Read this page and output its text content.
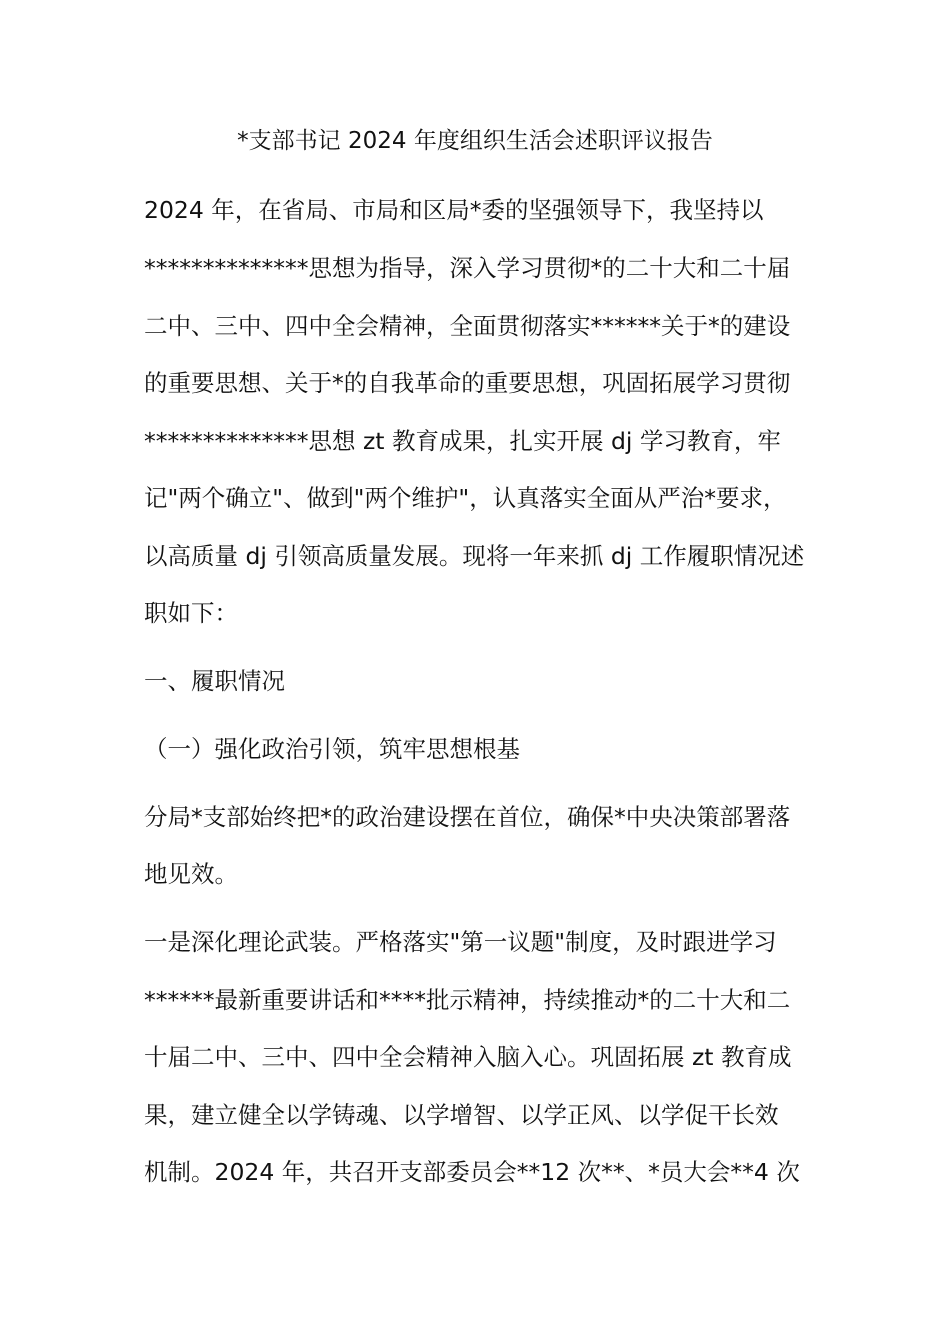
*支部书记 2024 年度组织生活会述职评议报告
2024 年，在省局、市局和区局*委的坚强领导下，我坚持以
**************思想为指导，深入学习贯彻*的二十大和二十届
二中、三中、四中全会精神，全面贯彻落实******关于*的建设
的重要思想、关于*的自我革命的重要思想，巩固拓展学习贯彻
**************思想 zt 教育成果，扎实开展 dj 学习教育，牢
记"两个确立"、做到"两个维护"，认真落实全面从严治*要求，
以高质量 dj 引领高质量发展。现将一年来抓 dj 工作履职情况述
职如下：
一、履职情况
（一）强化政治引领，筑牢思想根基
分局*支部始终把*的政治建设摆在首位，确保*中央决策部署落
地见效。
一是深化理论武装。严格落实"第一议题"制度，及时跟进学习
******最新重要讲话和****批示精神，持续推动*的二十大和二
十届二中、三中、四中全会精神入脑入心。巩固拓展 zt 教育成
果，建立健全以学铸魂、以学增智、以学正风、以学促干长效
机制。2024 年，共召开支部委员会**12 次**、*员大会**4 次
